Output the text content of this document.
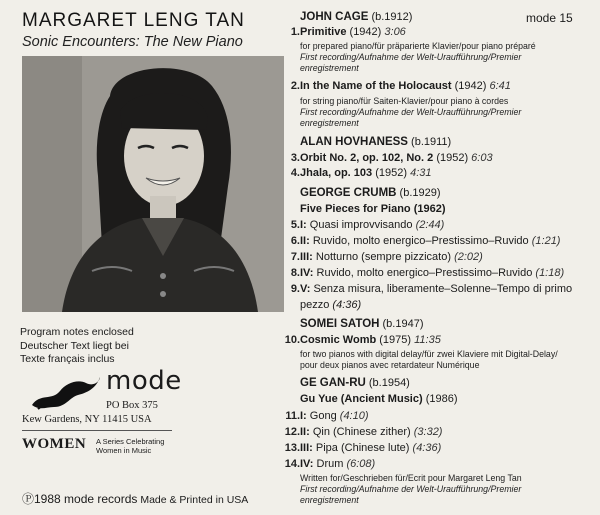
MARGARET LENG TAN
Sonic Encounters: The New Piano
Program notes enclosed
Deutscher Text liegt bei
Texte français inclus
mode
PO Box 375
Kew Gardens, NY 11415 USA
WOMEN A Series Celebrating
Women in Music
Ⓟ1988 mode records Made & Printed in USA
mode 15
JOHN CAGE (b.1912)
1. Primitive (1942) 3:06
for prepared piano/für präparierte Klavier/pour piano préparé
First recording/Aufnahme der Welt-Uraufführung/Premier
enregistrement
2. In the Name of the Holocaust (1942) 6:41
for string piano/für Saiten-Klavier/pour piano à cordes
First recording/Aufnahme der Welt-Uraufführung/Premier
enregistrement
ALAN HOVHANESS (b.1911)
3. Orbit No. 2, op. 102, No. 2 (1952) 6:03
4. Jhala, op. 103 (1952) 4:31
GEORGE CRUMB (b.1929)
Five Pieces for Piano (1962)
5. I: Quasi improvvisando (2:44)
6. II: Ruvido, molto energico–Prestissimo–Ruvido (1:21)
7. III: Notturno (sempre pizzicato) (2:02)
8. IV: Ruvido, molto energico–Prestissimo–Ruvido (1:18)
9. V: Senza misura, liberamente–Solenne–Tempo di primo
pezzo (4:36)
SOMEI SATOH (b.1947)
10. Cosmic Womb (1975) 11:35
for two pianos with digital delay/für zwei Klaviere mit Digital-Delay/
pour deux pianos avec retardateur Numérique
GE GAN-RU (b.1954)
Gu Yue (Ancient Music) (1986)
11. I: Gong (4:10)
12. II: Qin (Chinese zither) (3:32)
13. III: Pipa (Chinese lute) (4:36)
14. IV: Drum (6:08)
Written for/Geschrieben für/Ecrit pour Margaret Leng Tan
First recording/Aufnahme der Welt-Uraufführung/Premier
enregistrement
